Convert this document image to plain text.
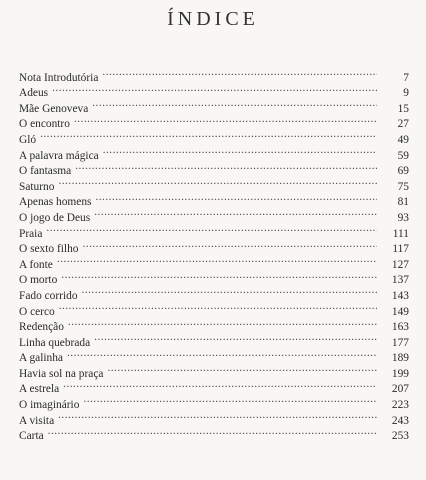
ÍNDICE
Nota Introdutória . . .	7
Adeus . . .	9
Mãe Genoveva . . .	15
O encontro . . .	27
Gló . . .	49
A palavra mágica . . .	59
O fantasma . . .	69
Saturno . . .	75
Apenas homens . . .	81
O jogo de Deus . . .	93
Praia . . .	111
O sexto filho . . .	117
A fonte . . .	127
O morto . . .	137
Fado corrido . . .	143
O cerco . . .	149
Redenção . . .	163
Linha quebrada . . .	177
A galinha . . .	189
Havia sol na praça . . .	199
A estrela . . .	207
O imaginário . . .	223
A visita . . .	243
Carta . . .	253
